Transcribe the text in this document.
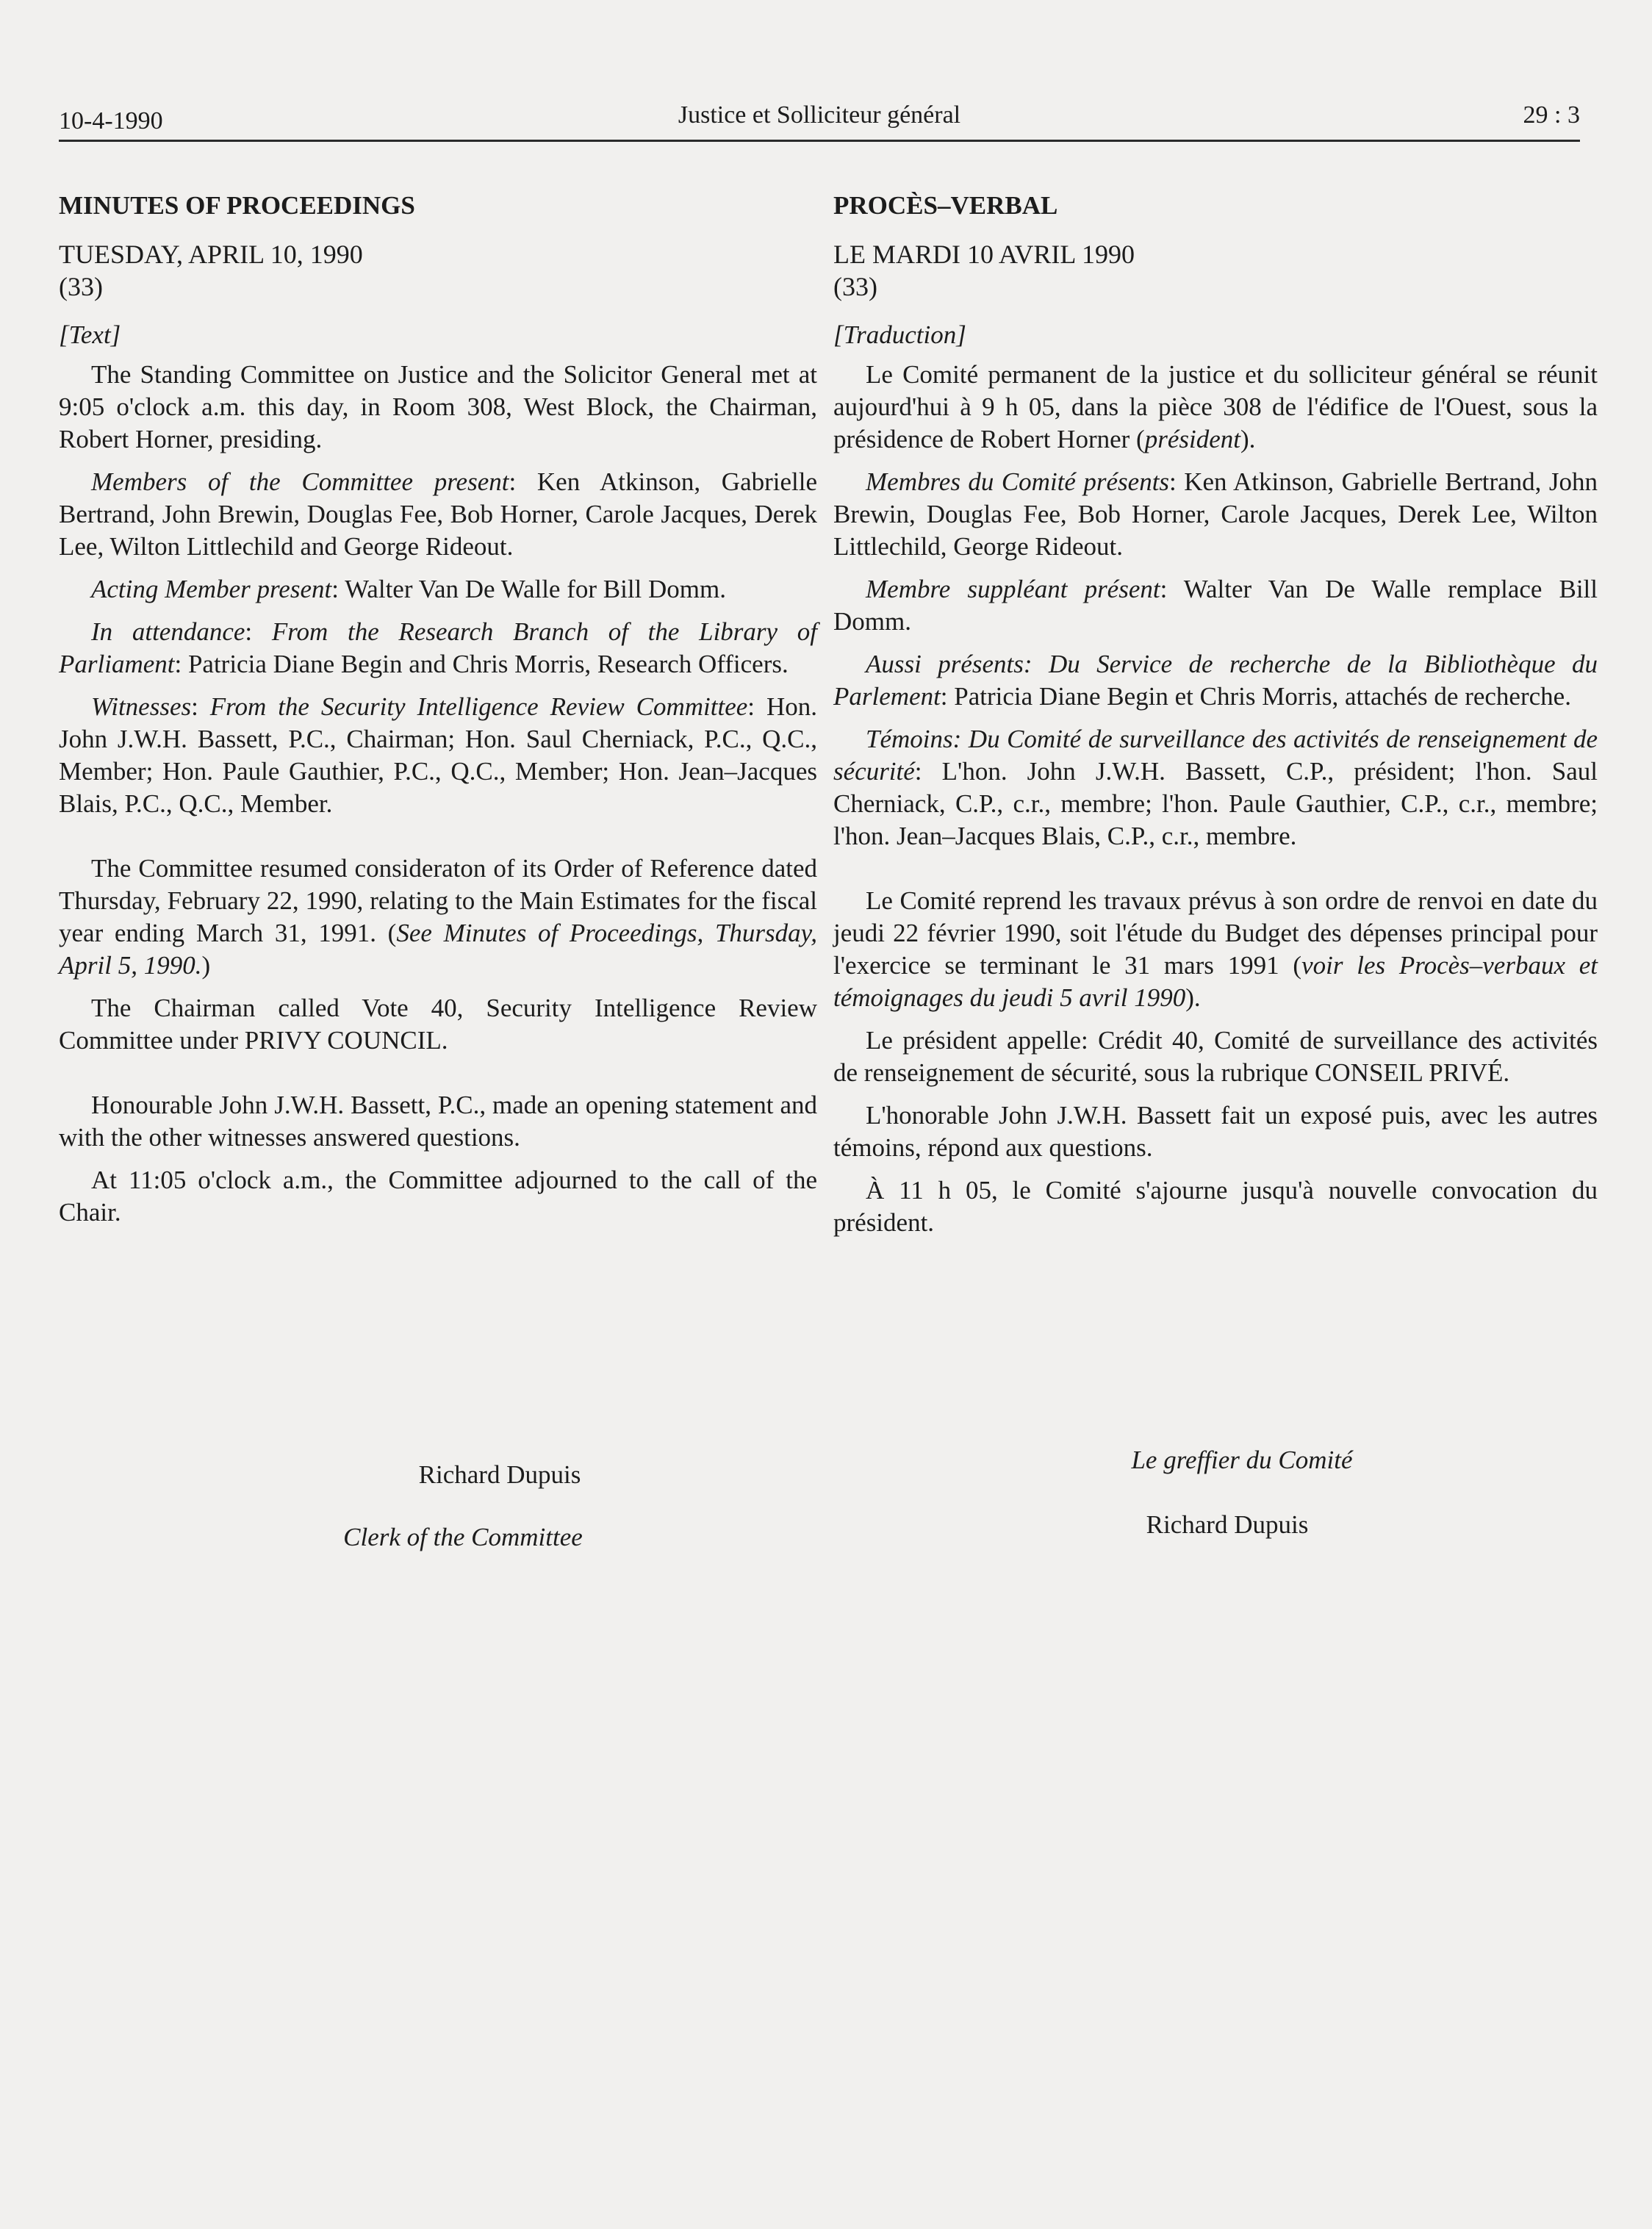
10-4-1990	Justice et Solliciteur général	29 : 3
MINUTES OF PROCEEDINGS
TUESDAY, APRIL 10, 1990
(33)
[Text]

The Standing Committee on Justice and the Solicitor General met at 9:05 o'clock a.m. this day, in Room 308, West Block, the Chairman, Robert Horner, presiding.

Members of the Committee present: Ken Atkinson, Gabrielle Bertrand, John Brewin, Douglas Fee, Bob Horner, Carole Jacques, Derek Lee, Wilton Littlechild and George Rideout.

Acting Member present: Walter Van De Walle for Bill Domm.

In attendance: From the Research Branch of the Library of Parliament: Patricia Diane Begin and Chris Morris, Research Officers.

Witnesses: From the Security Intelligence Review Committee: Hon. John J.W.H. Bassett, P.C., Chairman; Hon. Saul Cherniack, P.C., Q.C., Member; Hon. Paule Gauthier, P.C., Q.C., Member; Hon. Jean–Jacques Blais, P.C., Q.C., Member.

The Committee resumed consideraton of its Order of Reference dated Thursday, February 22, 1990, relating to the Main Estimates for the fiscal year ending March 31, 1991. (See Minutes of Proceedings, Thursday, April 5, 1990.)

The Chairman called Vote 40, Security Intelligence Review Committee under PRIVY COUNCIL.

Honourable John J.W.H. Bassett, P.C., made an opening statement and with the other witnesses answered questions.

At 11:05 o'clock a.m., the Committee adjourned to the call of the Chair.

Richard Dupuis
Clerk of the Committee
PROCÈS–VERBAL
LE MARDI 10 AVRIL 1990
(33)
[Traduction]

Le Comité permanent de la justice et du solliciteur général se réunit aujourd'hui à 9 h 05, dans la pièce 308 de l'édifice de l'Ouest, sous la présidence de Robert Horner (président).

Membres du Comité présents: Ken Atkinson, Gabrielle Bertrand, John Brewin, Douglas Fee, Bob Horner, Carole Jacques, Derek Lee, Wilton Littlechild, George Rideout.

Membre suppléant présent: Walter Van De Walle remplace Bill Domm.

Aussi présents: Du Service de recherche de la Bibliothèque du Parlement: Patricia Diane Begin et Chris Morris, attachés de recherche.

Témoins: Du Comité de surveillance des activités de renseignement de sécurité: L'hon. John J.W.H. Bassett, C.P., président; l'hon. Saul Cherniack, C.P., c.r., membre; l'hon. Paule Gauthier, C.P., c.r., membre; l'hon. Jean–Jacques Blais, C.P., c.r., membre.

Le Comité reprend les travaux prévus à son ordre de renvoi en date du jeudi 22 février 1990, soit l'étude du Budget des dépenses principal pour l'exercice se terminant le 31 mars 1991 (voir les Procès–verbaux et témoignages du jeudi 5 avril 1990).

Le président appelle: Crédit 40, Comité de surveillance des activités de renseignement de sécurité, sous la rubrique CONSEIL PRIVÉ.

L'honorable John J.W.H. Bassett fait un exposé puis, avec les autres témoins, répond aux questions.

À 11 h 05, le Comité s'ajourne jusqu'à nouvelle convocation du président.

Le greffier du Comité
Richard Dupuis
